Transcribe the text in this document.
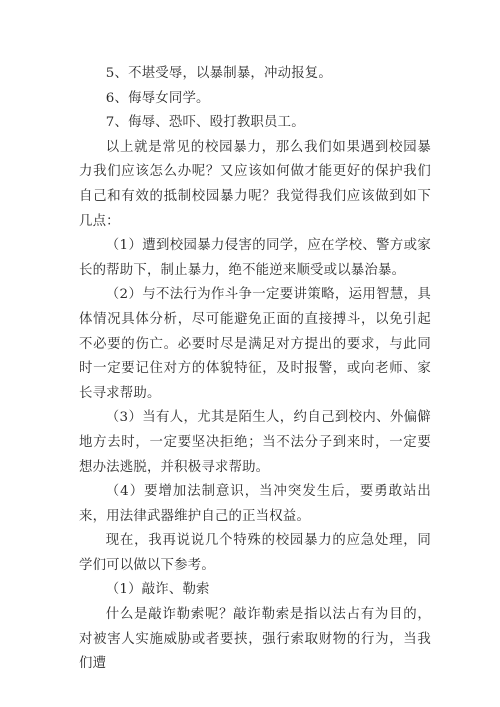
5、不堪受辱，以暴制暴，冲动报复。

6、侮辱女同学。

7、侮辱、恐吓、殴打教职员工。

以上就是常见的校园暴力，那么我们如果遇到校园暴力我们应该怎么办呢？又应该如何做才能更好的保护我们自己和有效的抵制校园暴力呢？我觉得我们应该做到如下几点：

（1）遭到校园暴力侵害的同学，应在学校、警方或家长的帮助下，制止暴力，绝不能逆来顺受或以暴治暴。

（2）与不法行为作斗争一定要讲策略，运用智慧，具体情况具体分析，尽可能避免正面的直接搏斗，以免引起不必要的伤亡。必要时尽是满足对方提出的要求，与此同时一定要记住对方的体貌特征，及时报警，或向老师、家长寻求帮助。

（3）当有人，尤其是陌生人，约自己到校内、外偏僻地方去时，一定要坚决拒绝；当不法分子到来时，一定要想办法逃脱，并积极寻求帮助。

（4）要增加法制意识，当冲突发生后，要勇敢站出来，用法律武器维护自己的正当权益。

现在，我再说说几个特殊的校园暴力的应急处理，同学们可以做以下参考。

（1）敲诈、勒索

什么是敲诈勒索呢？敲诈勒索是指以法占有为目的，对被害人实施威胁或者要挟，强行索取财物的行为，当我们遭
